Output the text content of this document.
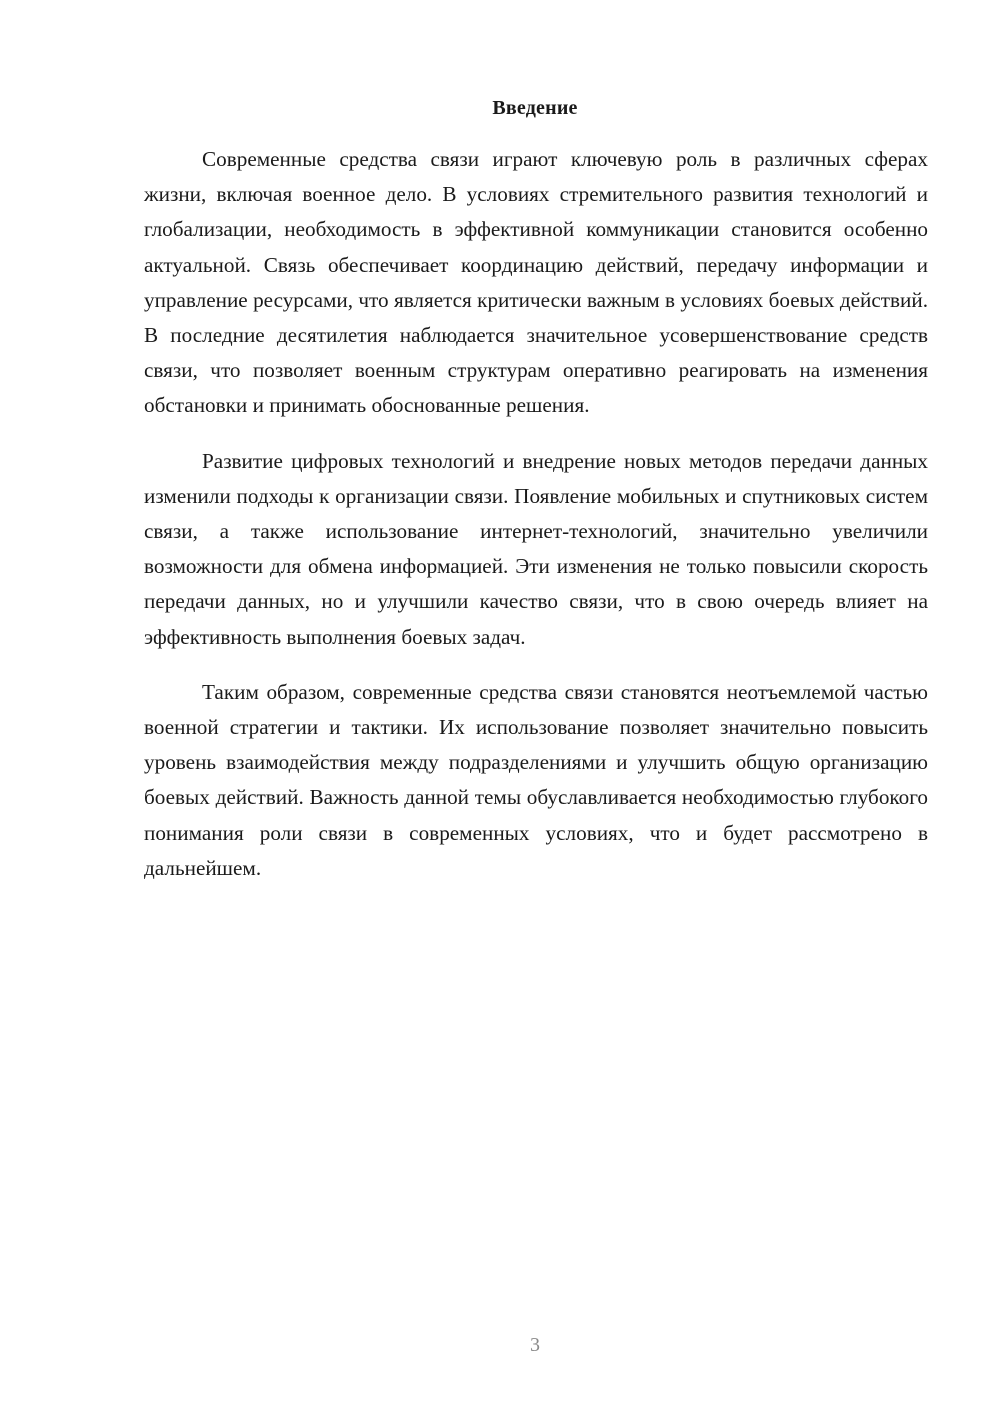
Введение

Современные средства связи играют ключевую роль в различных сферах жизни, включая военное дело. В условиях стремительного развития технологий и глобализации, необходимость в эффективной коммуникации становится особенно актуальной. Связь обеспечивает координацию действий, передачу информации и управление ресурсами, что является критически важным в условиях боевых действий. В последние десятилетия наблюдается значительное усовершенствование средств связи, что позволяет военным структурам оперативно реагировать на изменения обстановки и принимать обоснованные решения.

Развитие цифровых технологий и внедрение новых методов передачи данных изменили подходы к организации связи. Появление мобильных и спутниковых систем связи, а также использование интернет-технологий, значительно увеличили возможности для обмена информацией. Эти изменения не только повысили скорость передачи данных, но и улучшили качество связи, что в свою очередь влияет на эффективность выполнения боевых задач.

Таким образом, современные средства связи становятся неотъемлемой частью военной стратегии и тактики. Их использование позволяет значительно повысить уровень взаимодействия между подразделениями и улучшить общую организацию боевых действий. Важность данной темы обуславливается необходимостью глубокого понимания роли связи в современных условиях, что и будет рассмотрено в дальнейшем.

3
